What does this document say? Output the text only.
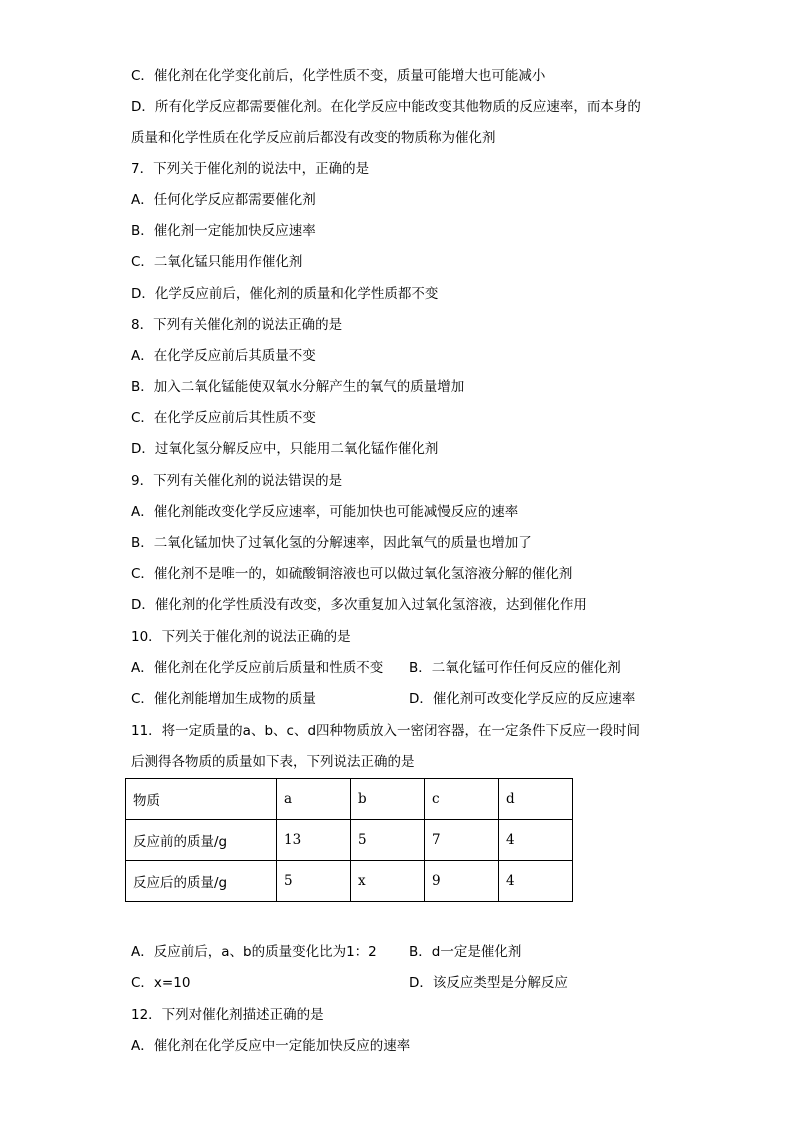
C．催化剂在化学变化前后，化学性质不变，质量可能增大也可能减小
D．所有化学反应都需要催化剂。在化学反应中能改变其他物质的反应速率，而本身的
质量和化学性质在化学反应前后都没有改变的物质称为催化剂
7．下列关于催化剂的说法中，正确的是
A．任何化学反应都需要催化剂
B．催化剂一定能加快反应速率
C．二氧化锰只能用作催化剂
D．化学反应前后，催化剂的质量和化学性质都不变
8．下列有关催化剂的说法正确的是
A．在化学反应前后其质量不变
B．加入二氧化锰能使双氧水分解产生的氧气的质量增加
C．在化学反应前后其性质不变
D．过氧化氢分解反应中，只能用二氧化锰作催化剂
9．下列有关催化剂的说法错误的是
A．催化剂能改变化学反应速率，可能加快也可能减慢反应的速率
B．二氧化锰加快了过氧化氢的分解速率，因此氧气的质量也增加了
C．催化剂不是唯一的，如硫酸铜溶液也可以做过氧化氢溶液分解的催化剂
D．催化剂的化学性质没有改变，多次重复加入过氧化氢溶液，达到催化作用
10．下列关于催化剂的说法正确的是
A．催化剂在化学反应前后质量和性质不变 B．二氧化锰可作任何反应的催化剂
C．催化剂能增加生成物的质量	D．催化剂可改变化学反应的反应速率
11．将一定质量的a、b、c、d四种物质放入一密闭容器，在一定条件下反应一段时间
后测得各物质的质量如下表，下列说法正确的是
物质	a	b	c	d
反应前的质量/g	13	5	7	4
反应后的质量/g	5	x	9	4
A．反应前后，a、b的质量变化比为1：2 B．d一定是催化剂
C．x=10	D．该反应类型是分解反应
12．下列对催化剂描述正确的是
A．催化剂在化学反应中一定能加快反应的速率
